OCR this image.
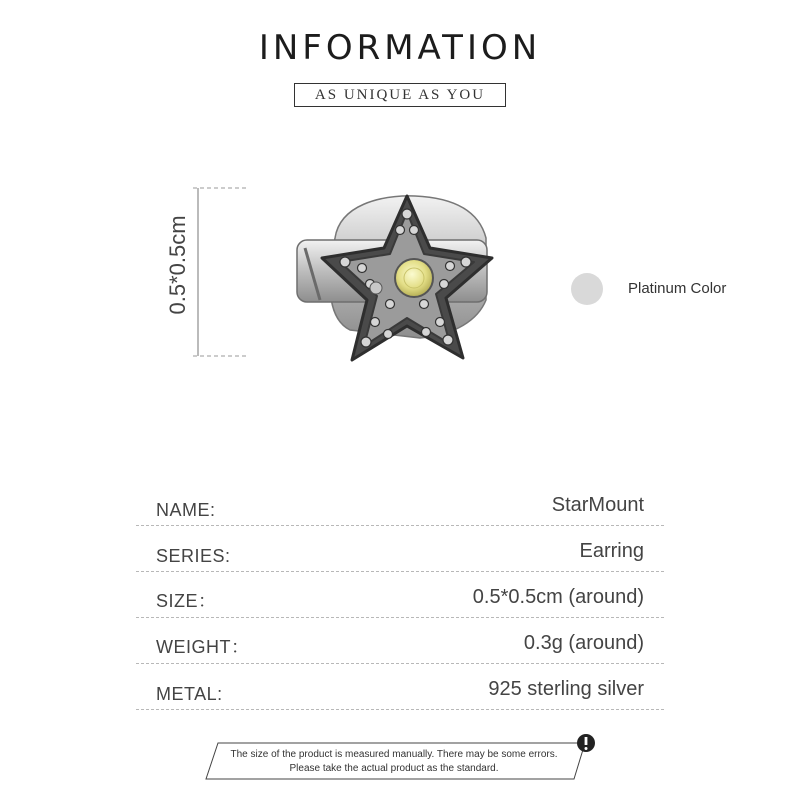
INFORMATION
AS UNIQUE AS YOU
0.5*0.5cm	Platinum Color
NAME:	StarMount
SERIES:	Earring
SIZE：	0.5*0.5cm (around)
WEIGHT：	0.3g (around)
METAL:	925 sterling silver
The size of the product is measured manually. There may be some errors.
Please take the actual product as the standard.
